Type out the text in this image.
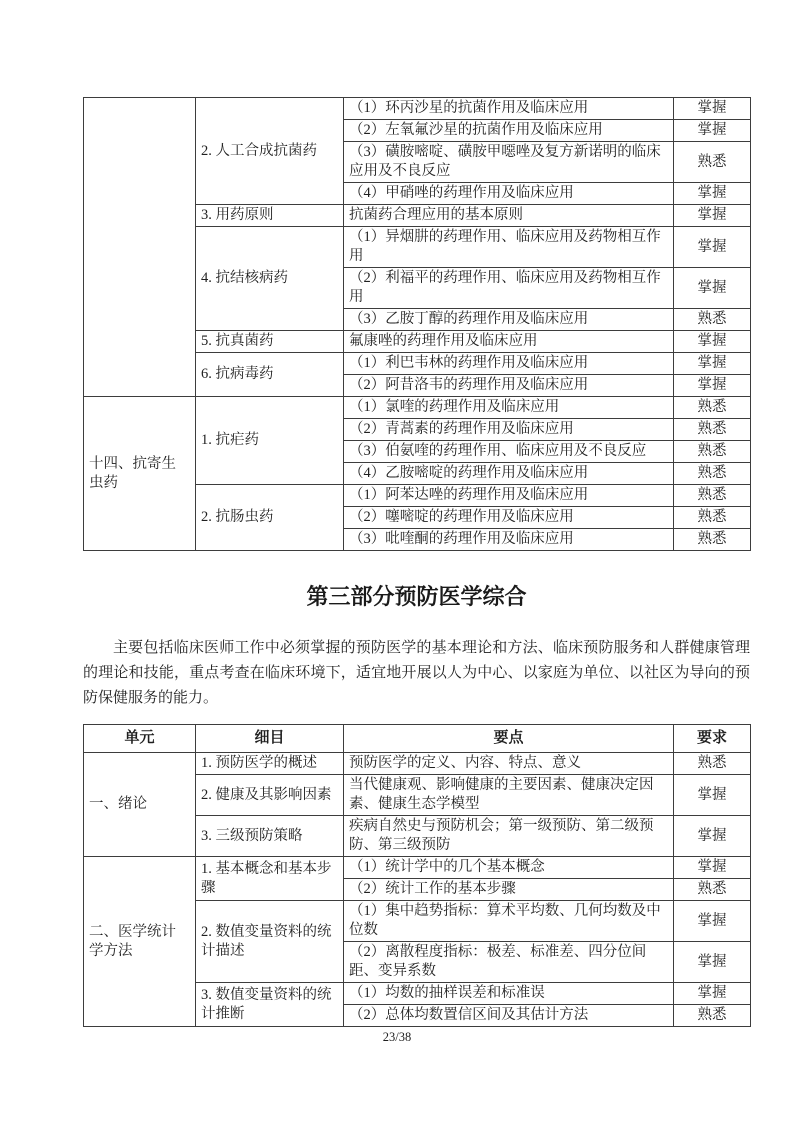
	2. 人工合成抗菌药	（1）环丙沙星的抗菌作用及临床应用	掌握
		（2）左氧氟沙星的抗菌作用及临床应用	掌握
		（3）磺胺嘧啶、磺胺甲噁唑及复方新诺明的临床应用及不良反应	熟悉
		（4）甲硝唑的药理作用及临床应用	掌握
	3. 用药原则	抗菌药合理应用的基本原则	掌握
	4. 抗结核病药	（1）异烟肼的药理作用、临床应用及药物相互作用	掌握
		（2）利福平的药理作用、临床应用及药物相互作用	掌握
		（3）乙胺丁醇的药理作用及临床应用	熟悉
	5. 抗真菌药	氟康唑的药理作用及临床应用	掌握
	6. 抗病毒药	（1）利巴韦林的药理作用及临床应用	掌握
		（2）阿昔洛韦的药理作用及临床应用	掌握
十四、抗寄生虫药	1. 抗疟药	（1）氯喹的药理作用及临床应用	熟悉
		（2）青蒿素的药理作用及临床应用	熟悉
		（3）伯氨喹的药理作用、临床应用及不良反应	熟悉
		（4）乙胺嘧啶的药理作用及临床应用	熟悉
	2. 抗肠虫药	（1）阿苯达唑的药理作用及临床应用	熟悉
		（2）噻嘧啶的药理作用及临床应用	熟悉
		（3）吡喹酮的药理作用及临床应用	熟悉
第三部分预防医学综合
主要包括临床医师工作中必须掌握的预防医学的基本理论和方法、临床预防服务和人群健康管理的理论和技能，重点考查在临床环境下，适宜地开展以人为中心、以家庭为单位、以社区为导向的预防保健服务的能力。
单元	细目	要点	要求
一、绪论	1. 预防医学的概述	预防医学的定义、内容、特点、意义	熟悉
	2. 健康及其影响因素	当代健康观、影响健康的主要因素、健康决定因素、健康生态学模型	掌握
	3. 三级预防策略	疾病自然史与预防机会；第一级预防、第二级预防、第三级预防	掌握
二、医学统计学方法	1. 基本概念和基本步骤	（1）统计学中的几个基本概念	掌握
		（2）统计工作的基本步骤	熟悉
	2. 数值变量资料的统计描述	（1）集中趋势指标：算术平均数、几何均数及中位数	掌握
		（2）离散程度指标：极差、标准差、四分位间距、变异系数	掌握
	3. 数值变量资料的统计推断	（1）均数的抽样误差和标准误	掌握
		（2）总体均数置信区间及其估计方法	熟悉
23/38
